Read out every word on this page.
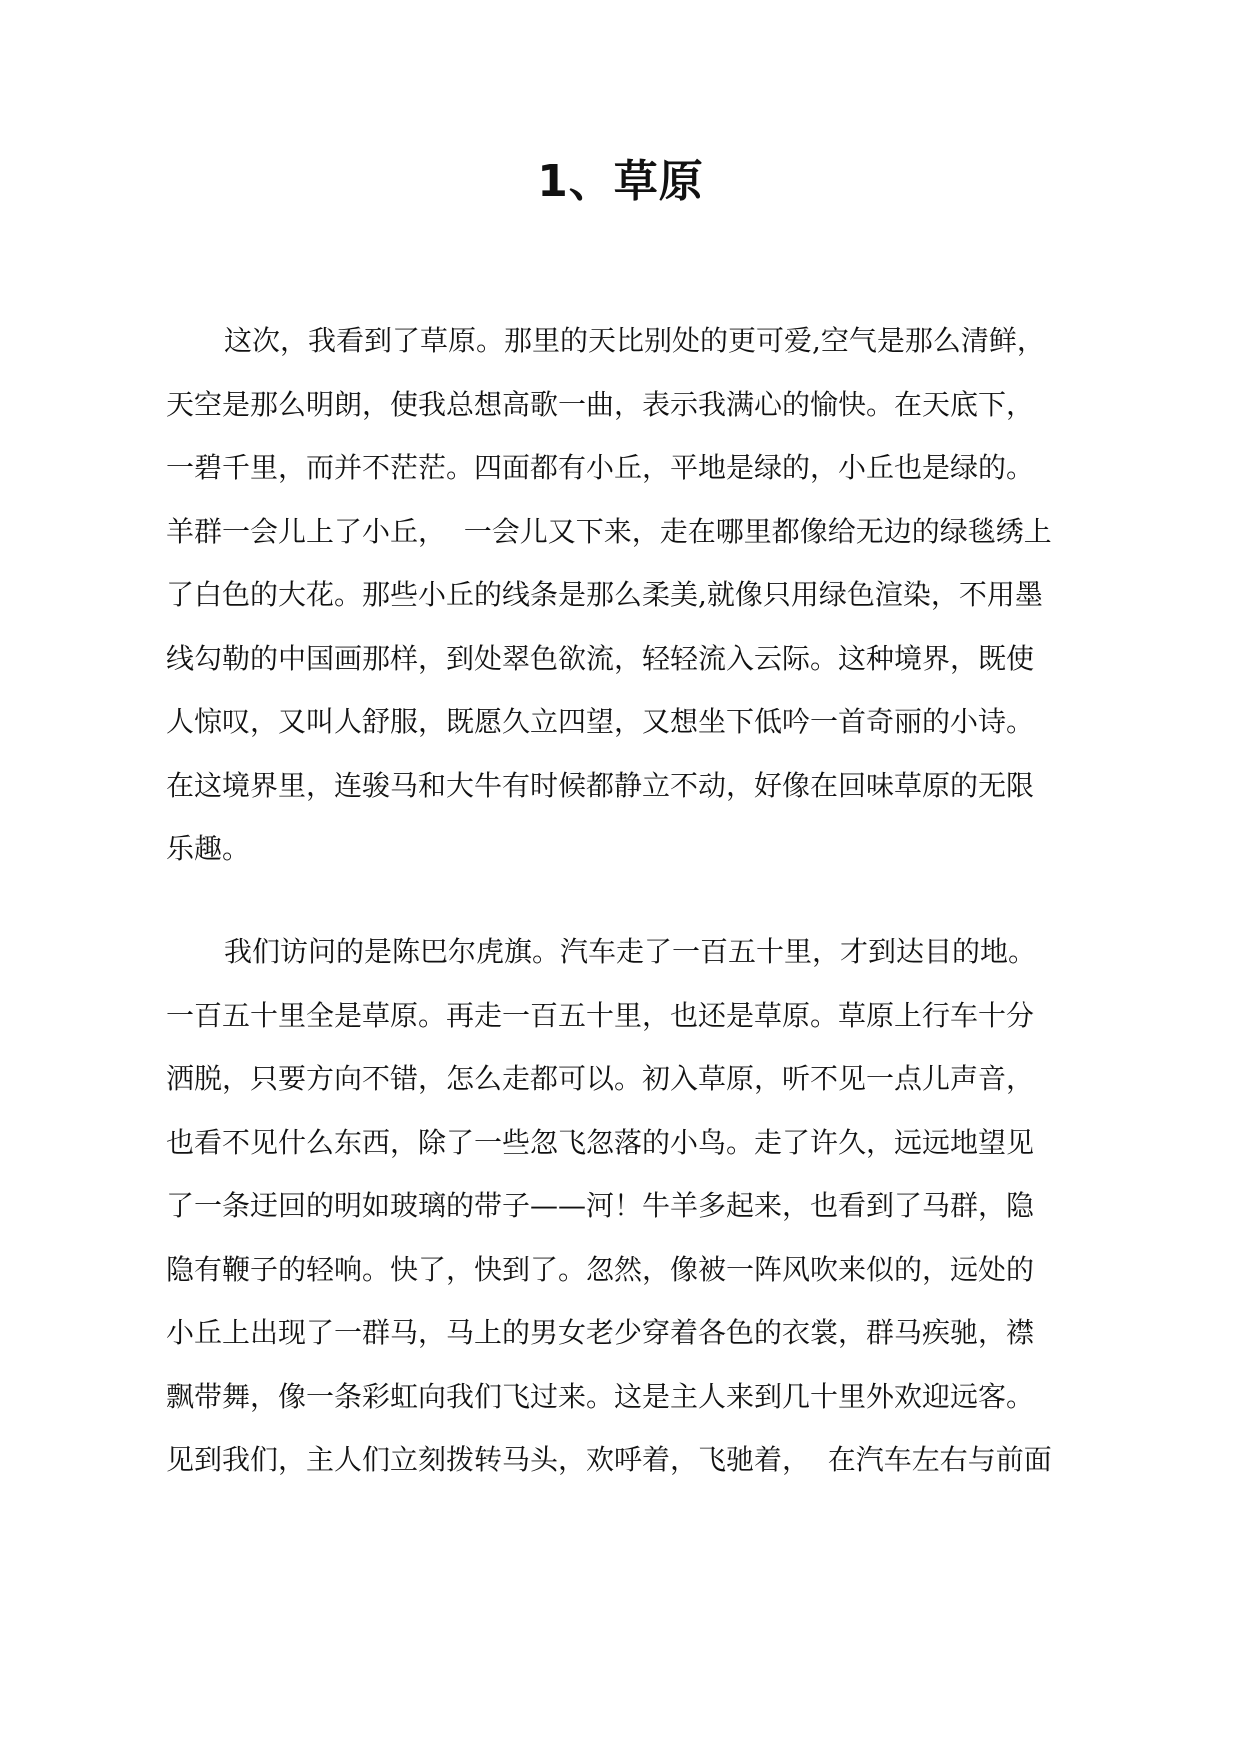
1、草原
这次，我看到了草原。那里的天比别处的更可爱,空气是那么清鲜，
天空是那么明朗，使我总想高歌一曲，表示我满心的愉快。在天底下，
一碧千里，而并不茫茫。四面都有小丘，平地是绿的，小丘也是绿的。
羊群一会儿上了小丘，  一会儿又下来，走在哪里都像给无边的绿毯绣上
了白色的大花。那些小丘的线条是那么柔美,就像只用绿色渲染，不用墨
线勾勒的中国画那样，到处翠色欲流，轻轻流入云际。这种境界，既使
人惊叹，又叫人舒服，既愿久立四望，又想坐下低吟一首奇丽的小诗。
在这境界里，连骏马和大牛有时候都静立不动，好像在回味草原的无限
乐趣。
我们访问的是陈巴尔虎旗。汽车走了一百五十里，才到达目的地。
一百五十里全是草原。再走一百五十里，也还是草原。草原上行车十分
洒脱，只要方向不错，怎么走都可以。初入草原，听不见一点儿声音，
也看不见什么东西，除了一些忽飞忽落的小鸟。走了许久，远远地望见
了一条迂回的明如玻璃的带子——河！牛羊多起来，也看到了马群，隐
隐有鞭子的轻响。快了，快到了。忽然，像被一阵风吹来似的，远处的
小丘上出现了一群马，马上的男女老少穿着各色的衣裳，群马疾驰，襟
飘带舞，像一条彩虹向我们飞过来。这是主人来到几十里外欢迎远客。
见到我们，主人们立刻拨转马头，欢呼着，飞驰着，  在汽车左右与前面
